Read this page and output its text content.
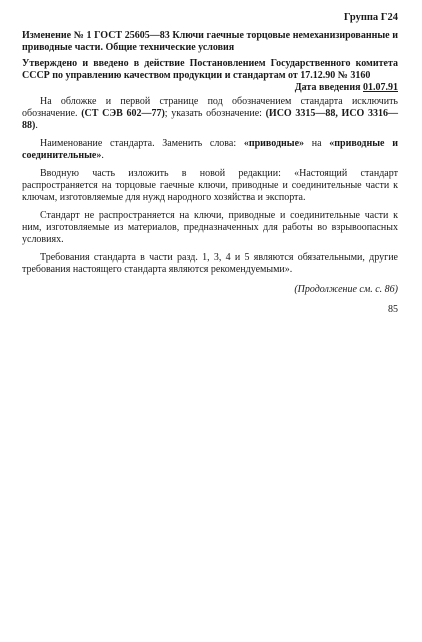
Группа Г24
Изменение № 1 ГОСТ 25605—83 Ключи гаечные торцовые немеханизированные и приводные части. Общие технические условия
Утверждено и введено в действие Постановлением Государственного комитета СССР по управлению качеством продукции и стандартам от 17.12.90 № 3160
Дата введения 01.07.91

На обложке и первой странице под обозначением стандарта исключить обозначение. (СТ СЭВ 602—77); указать обозначение: (ИСО 3315—88, ИСО 3316—88).

Наименование стандарта. Заменить слова: «приводные» на «приводные и соединительные».

Вводную часть изложить в новой редакции: «Настоящий стандарт распространяется на торцовые гаечные ключи, приводные и соединительные части к ключам, изготовляемые для нужд народного хозяйства и экспорта.

Стандарт не распространяется на ключи, приводные и соединительные части к ним, изготовляемые из материалов, предназначенных для работы во взрывоопасных условиях.

Требования стандарта в части разд. 1, 3, 4 и 5 являются обязательными, другие требования настоящего стандарта являются рекомендуемыми».

(Продолжение см. с. 86)
85
